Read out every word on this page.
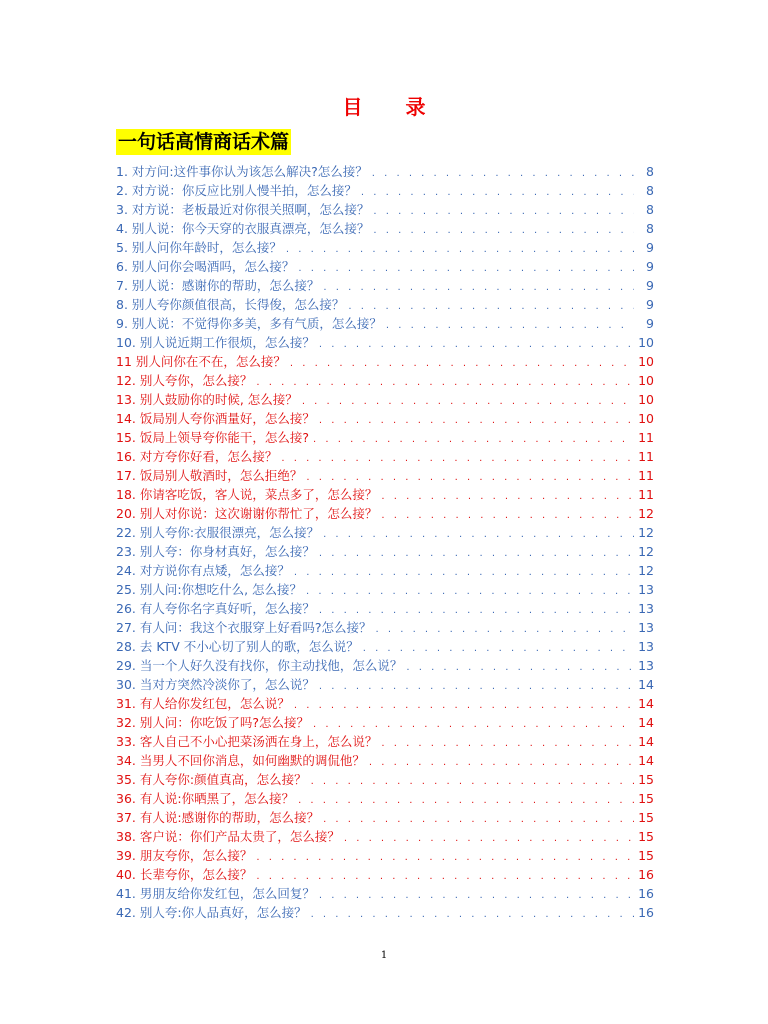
目 录
一句话高情商话术篇
1. 对方问:这件事你认为该怎么解决?怎么接？ . . .	8
2. 对方说：你反应比别人慢半拍，怎么接？ . . .	8
3. 对方说：老板最近对你很关照啊，怎么接？ . . .	8
4. 别人说：你今天穿的衣服真漂亮，怎么接？ . . .	8
5. 别人问你年龄时，怎么接？ . . .	9
6. 别人问你会喝酒吗，怎么接？ . . .	9
7. 别人说：感谢你的帮助，怎么接？ . . .	9
8. 别人夸你颜值很高，长得俊，怎么接？ . . .	9
9. 别人说：不觉得你多美，多有气质，怎么接？ . . .	9
10. 别人说近期工作很烦，怎么接？ . . .	10
11 别人问你在不在，怎么接？ . . .	10
12. 别人夸你，怎么接？ . . .	10
13. 别人鼓励你的时候, 怎么接？ . . .	10
14. 饭局别人夸你酒量好，怎么接？ . . .	10
15. 饭局上领导夸你能干，怎么接? . . .	11
16. 对方夸你好看，怎么接？ . . .	11
17. 饭局别人敬酒时，怎么拒绝？ . . .	11
18. 你请客吃饭，客人说，菜点多了，怎么接？ . . .	11
20. 别人对你说：这次谢谢你帮忙了，怎么接？ . . .	12
22. 别人夸你:衣服很漂亮，怎么接？ . . .	12
23. 别人夸：你身材真好，怎么接？ . . .	12
24. 对方说你有点矮，怎么接？ . . .	12
25. 别人问:你想吃什么, 怎么接？ . . .	13
26. 有人夸你名字真好听，怎么接？ . . .	13
27. 有人问：我这个衣服穿上好看吗?怎么接？ . . .	13
28. 去 KTV 不小心切了别人的歌，怎么说？ . . .	13
29. 当一个人好久没有找你，你主动找他，怎么说？ . . .	13
30. 当对方突然冷淡你了，怎么说？ . . .	14
31. 有人给你发红包，怎么说？ . . .	14
32. 别人问：你吃饭了吗?怎么接？ . . .	14
33. 客人自己不小心把菜汤洒在身上，怎么说？ . . .	14
34. 当男人不回你消息，如何幽默的调侃他？ . . .	14
35. 有人夸你:颜值真高，怎么接？ . . .	15
36. 有人说:你晒黑了，怎么接？ . . .	15
37. 有人说:感谢你的帮助，怎么接？ . . .	15
38. 客户说：你们产品太贵了，怎么接？ . . .	15
39. 朋友夸你，怎么接？ . . .	15
40. 长辈夸你，怎么接？ . . .	16
41. 男朋友给你发红包，怎么回复？ . . .	16
42. 别人夸:你人品真好，怎么接？ . . .	16
1
